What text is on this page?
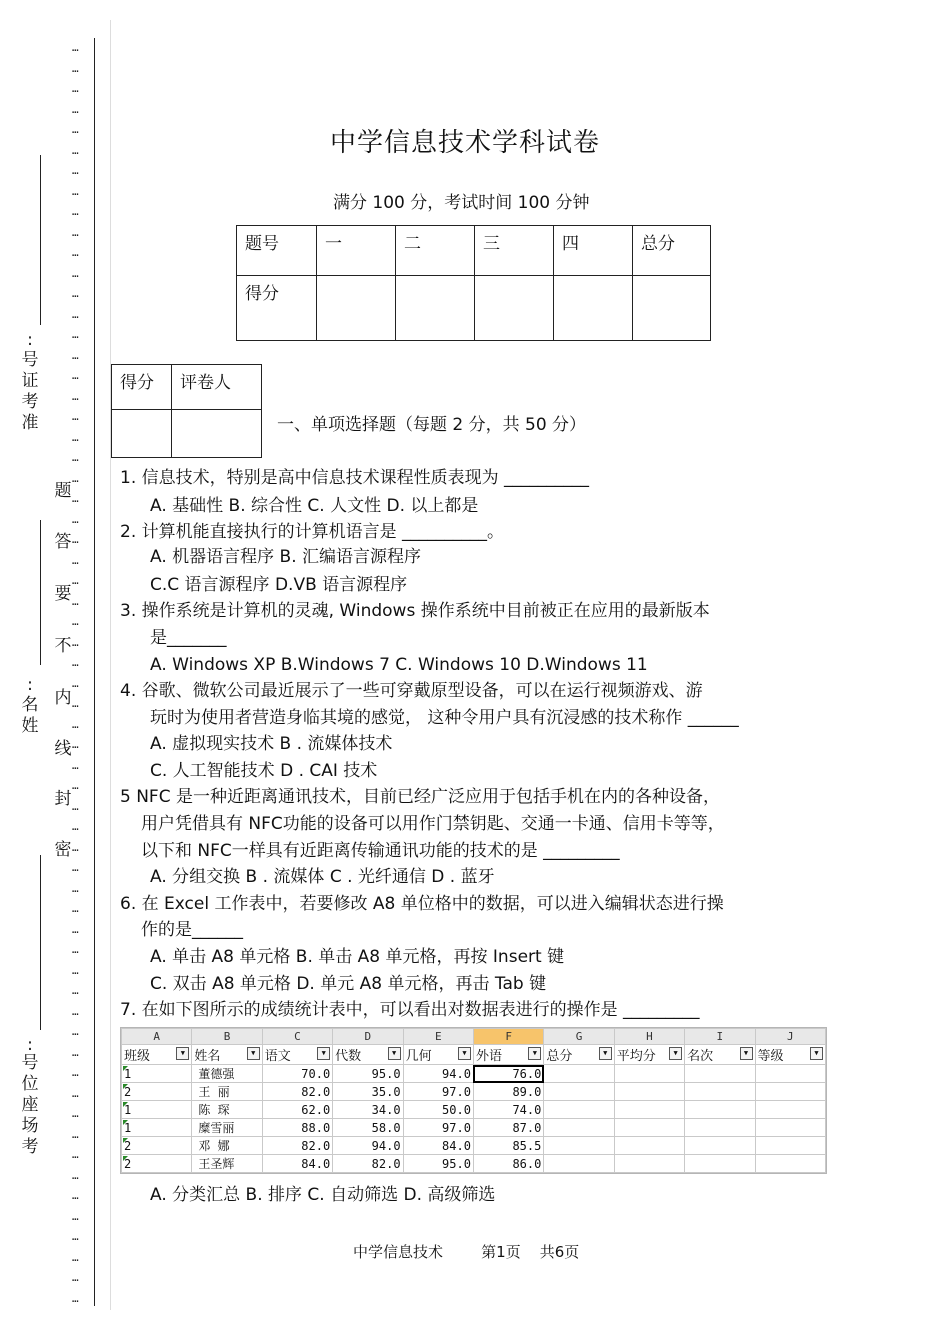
:
号
证
考
准
:
名
姓
:
号
位
座
场
考
题
答
要
不
内
线
封
密
…
…
…
…
…
…
…
…
…
…
…
…
…
…
…
…
…
…
…
…
…
…
…
…
…
…
…
…
…
…
…
…
…
…
…
…
…
…
…
…
…
…
…
…
…
…
…
…
…
…
…
…
…
…
…
…
…
…
…
…
…
…
中学信息技术学科试卷
满分 100 分，考试时间 100 分钟
题号	一	二	三	四	总分
得分					
得分	评卷人

一、单项选择题（每题 2 分，共 50 分）
1. 信息技术，特别是高中信息技术课程性质表现为 __________
A. 基础性 B. 综合性 C. 人文性 D. 以上都是
2. 计算机能直接执行的计算机语言是 __________。
A. 机器语言程序 B. 汇编语言源程序
C.C 语言源程序 D.VB 语言源程序
3. 操作系统是计算机的灵魂, Windows 操作系统中目前被正在应用的最新版本
是_______
A. Windows XP B.Windows 7 C. Windows 10 D.Windows 11
4. 谷歌、微软公司最近展示了一些可穿戴原型设备，可以在运行视频游戏、游
玩时为使用者营造身临其境的感觉， 这种令用户具有沉浸感的技术称作 ______
A. 虚拟现实技术 B . 流媒体技术
C. 人工智能技术 D . CAI 技术
5 NFC 是一种近距离通讯技术，目前已经广泛应用于包括手机在内的各种设备，
用户凭借具有 NFC功能的设备可以用作门禁钥匙、交通一卡通、信用卡等等，
以下和 NFC一样具有近距离传输通讯功能的技术的是 _________
A. 分组交换 B . 流媒体 C . 光纤通信 D . 蓝牙
6. 在 Excel 工作表中，若要修改 A8 单位格中的数据，可以进入编辑状态进行操
作的是______
A. 单击 A8 单元格 B. 单击 A8 单元格，再按 Insert 键
C. 双击 A8 单元格 D. 单元 A8 单元格，再击 Tab 键
7. 在如下图所示的成绩统计表中，可以看出对数据表进行的操作是 _________
A	B	C	D	E	F	G	H	I	J
班级 ▼	姓名 ▼	语文 ▼	代数 ▼	几何 ▼	外语 ▼	总分 ▼	平均分 ▼	名次 ▼	等级 ▼

1	董德强	70.0	95.0	94.0	76.0				

2	王 丽	82.0	35.0	97.0	89.0				

1	陈 琛	62.0	34.0	50.0	74.0				

1	糜雪丽	88.0	58.0	97.0	87.0				

2	邓 娜	82.0	94.0	84.0	85.5				

2	王圣辉	84.0	82.0	95.0	86.0				
A. 分类汇总 B. 排序 C. 自动筛选 D. 高级筛选
中学信息技术        第1页    共6页
